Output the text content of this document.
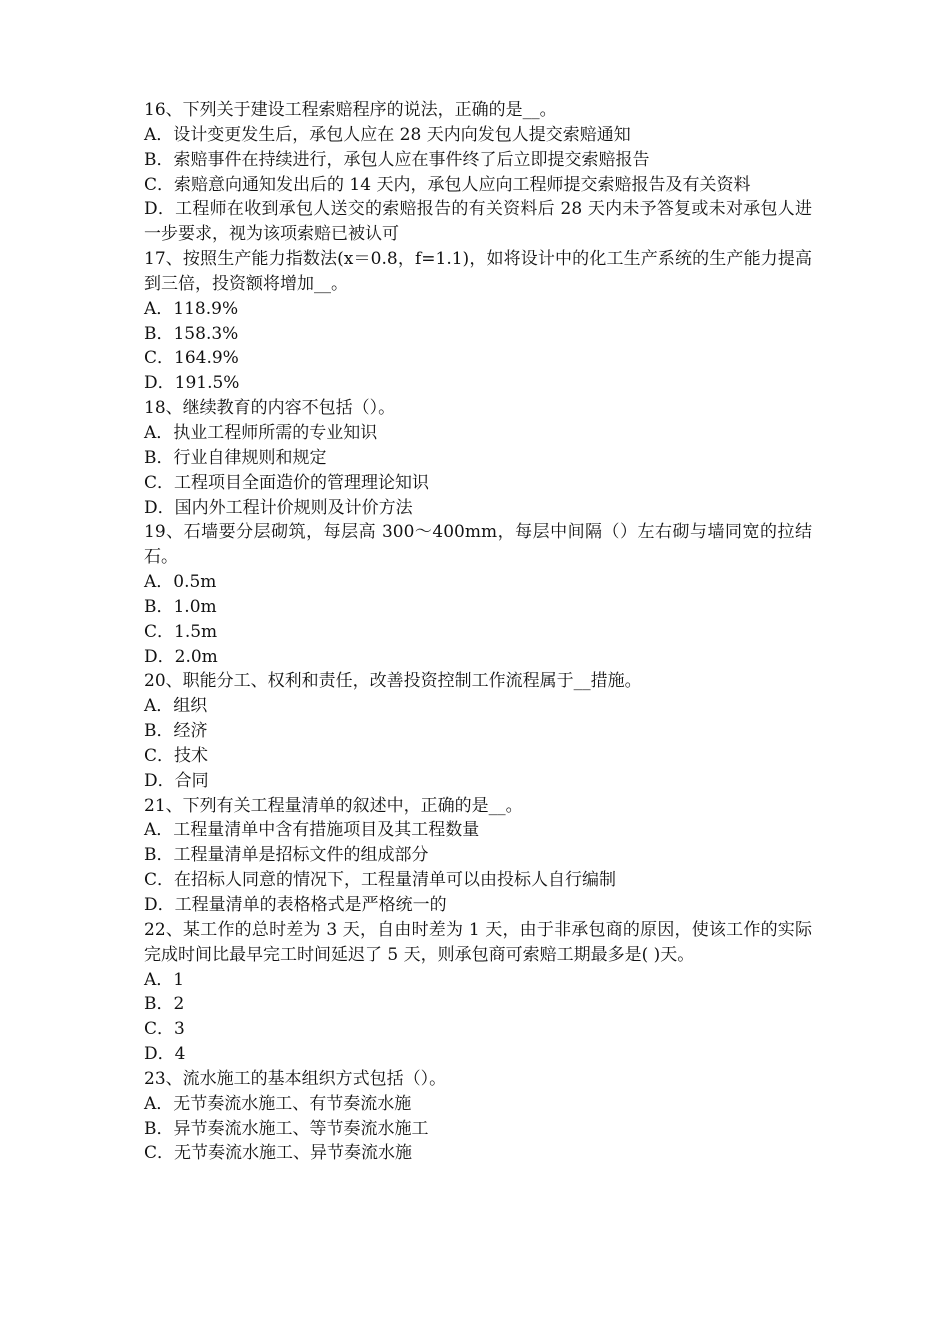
16、下列关于建设工程索赔程序的说法，正确的是__。
A．设计变更发生后，承包人应在 28 天内向发包人提交索赔通知
B．索赔事件在持续进行，承包人应在事件终了后立即提交索赔报告
C．索赔意向通知发出后的 14 天内，承包人应向工程师提交索赔报告及有关资料
D．工程师在收到承包人送交的索赔报告的有关资料后 28 天内未予答复或未对承包人进一步要求，视为该项索赔已被认可
17、按照生产能力指数法(x＝0.8，f=1.1)，如将设计中的化工生产系统的生产能力提高到三倍，投资额将增加__。
A．118.9%
B．158.3%
C．164.9%
D．191.5%
18、继续教育的内容不包括（）。
A．执业工程师所需的专业知识
B．行业自律规则和规定
C．工程项目全面造价的管理理论知识
D．国内外工程计价规则及计价方法
19、石墙要分层砌筑，每层高 300～400mm，每层中间隔（）左右砌与墙同宽的拉结石。
A．0.5m
B．1.0m
C．1.5m
D．2.0m
20、职能分工、权利和责任，改善投资控制工作流程属于__措施。
A．组织
B．经济
C．技术
D．合同
21、下列有关工程量清单的叙述中，正确的是__。
A．工程量清单中含有措施项目及其工程数量
B．工程量清单是招标文件的组成部分
C．在招标人同意的情况下，工程量清单可以由投标人自行编制
D．工程量清单的表格格式是严格统一的
22、某工作的总时差为 3 天，自由时差为 1 天，由于非承包商的原因，使该工作的实际完成时间比最早完工时间延迟了 5 天，则承包商可索赔工期最多是( )天。
A．1
B．2
C．3
D．4
23、流水施工的基本组织方式包括（）。
A．无节奏流水施工、有节奏流水施
B．异节奏流水施工、等节奏流水施工
C．无节奏流水施工、异节奏流水施
